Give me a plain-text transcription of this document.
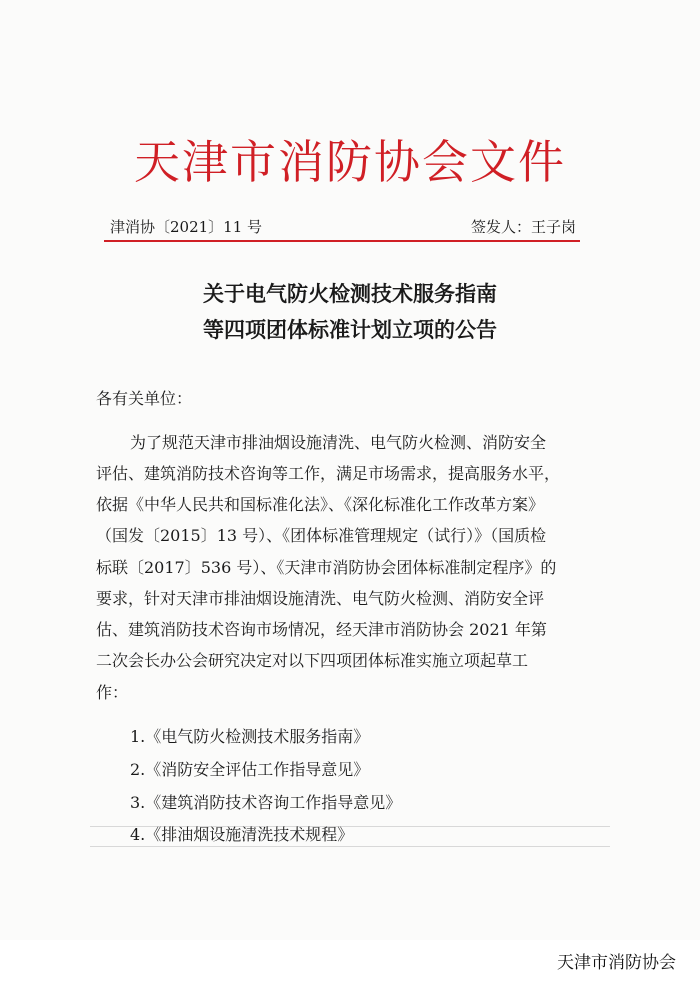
天津市消防协会文件
津消协〔2021〕11 号	签发人：王子岗
关于电气防火检测技术服务指南
等四项团体标准计划立项的公告
各有关单位：
为了规范天津市排油烟设施清洗、电气防火检测、消防安全
评估、建筑消防技术咨询等工作，满足市场需求，提高服务水平，
依据《中华人民共和国标准化法》、《深化标准化工作改革方案》
（国发〔2015〕13 号）、《团体标准管理规定（试行）》（国质检
标联〔2017〕536 号）、《天津市消防协会团体标准制定程序》的
要求，针对天津市排油烟设施清洗、电气防火检测、消防安全评
估、建筑消防技术咨询市场情况，经天津市消防协会 2021 年第
二次会长办公会研究决定对以下四项团体标准实施立项起草工
作：
1.《电气防火检测技术服务指南》
2.《消防安全评估工作指导意见》
3.《建筑消防技术咨询工作指导意见》
4.《排油烟设施清洗技术规程》
天津市消防协会
